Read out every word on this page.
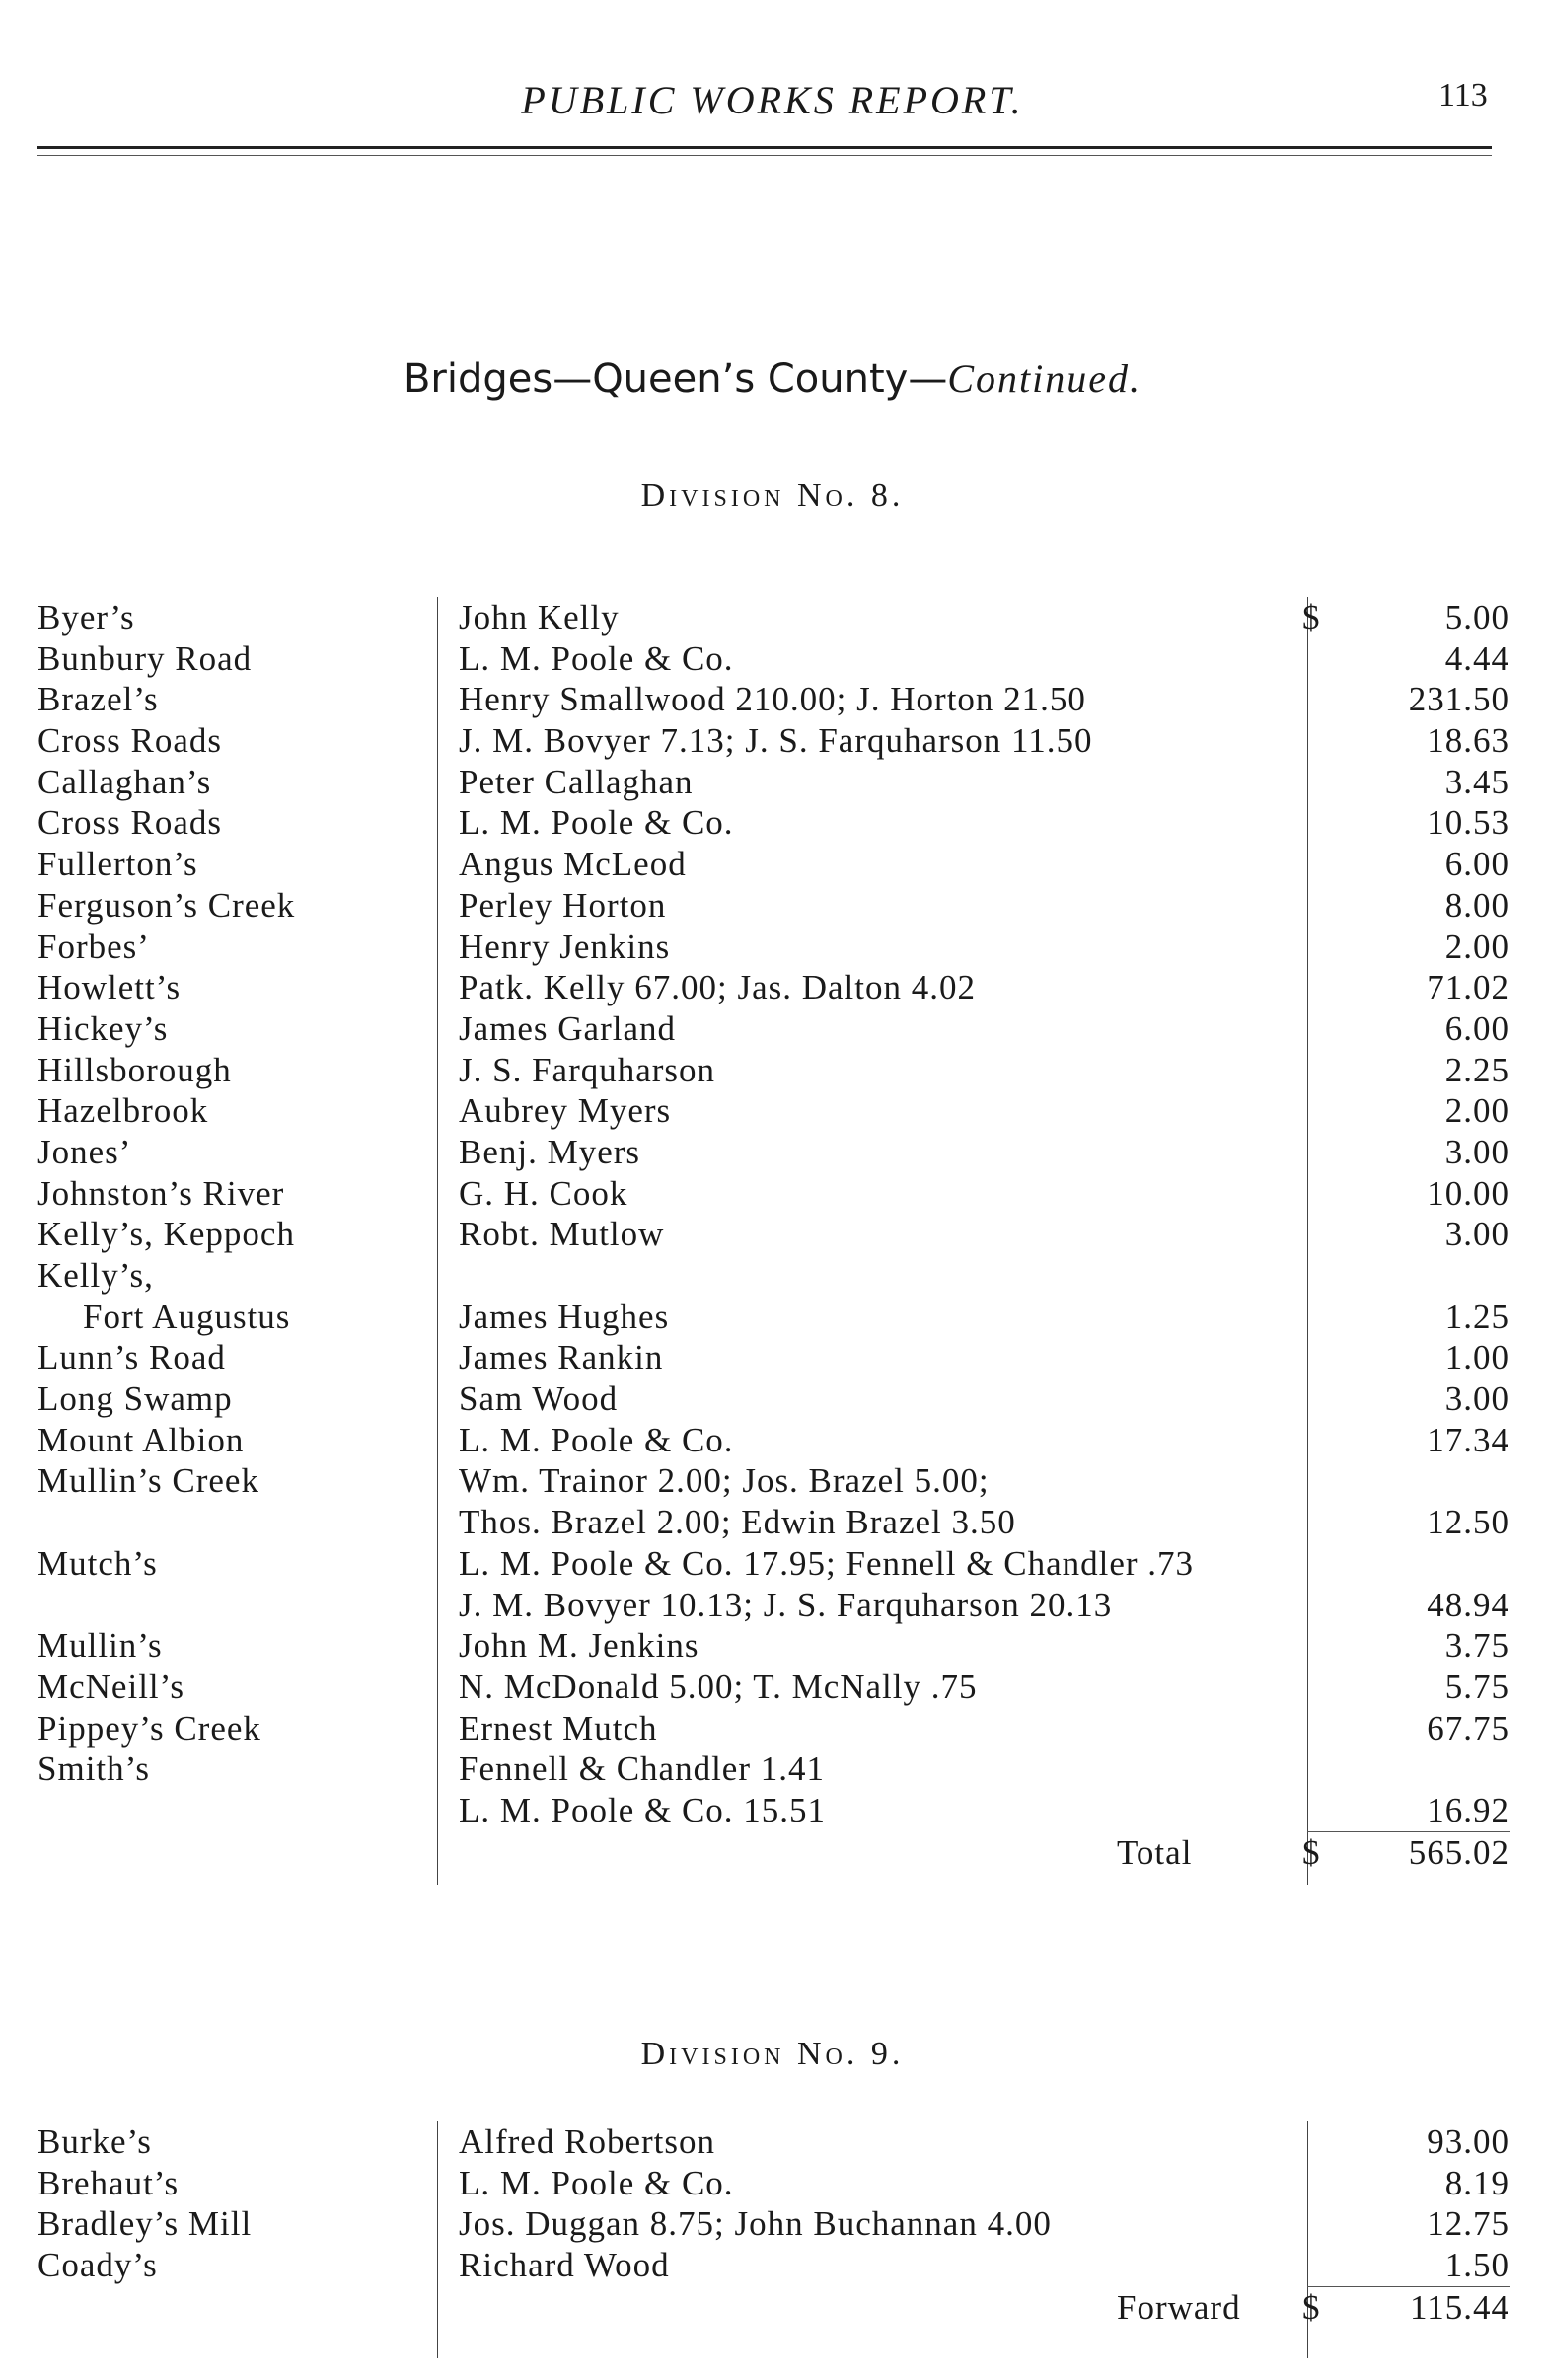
PUBLIC WORKS REPORT.	113
Bridges—Queen’s County—Continued.
Division No. 8.
Byer’s	John Kelly	$	5.00
Bunbury Road	L. M. Poole & Co.	4.44
Brazel’s	Henry Smallwood 210.00; J. Horton 21.50	231.50
Cross Roads	J. M. Bovyer 7.13; J. S. Farquharson 11.50	18.63
Callaghan’s	Peter Callaghan	3.45
Cross Roads	L. M. Poole & Co.	10.53
Fullerton’s	Angus McLeod	6.00
Ferguson’s Creek	Perley Horton	8.00
Forbes’	Henry Jenkins	2.00
Howlett’s	Patk. Kelly 67.00; Jas. Dalton 4.02	71.02
Hickey’s	James Garland	6.00
Hillsborough	J. S. Farquharson	2.25
Hazelbrook	Aubrey Myers	2.00
Jones’	Benj. Myers	3.00
Johnston’s River	G. H. Cook	10.00
Kelly’s, Keppoch	Robt. Mutlow	3.00
Kelly’s,
Fort Augustus	James Hughes	1.25
Lunn’s Road	James Rankin	1.00
Long Swamp	Sam Wood	3.00
Mount Albion	L. M. Poole & Co.	17.34
Mullin’s Creek	Wm. Trainor 2.00; Jos. Brazel 5.00;
Thos. Brazel 2.00; Edwin Brazel 3.50	12.50
Mutch’s	L. M. Poole & Co. 17.95; Fennell & Chandler .73
J. M. Bovyer 10.13; J. S. Farquharson 20.13	48.94
Mullin’s	John M. Jenkins	3.75
McNeill’s	N. McDonald 5.00; T. McNally .75	5.75
Pippey’s Creek	Ernest Mutch	67.75
Smith’s	Fennell & Chandler 1.41
L. M. Poole & Co. 15.51	16.92
Total	$	565.02
Division No. 9.
Burke’s	Alfred Robertson	93.00
Brehaut’s	L. M. Poole & Co.	8.19
Bradley’s Mill	Jos. Duggan 8.75; John Buchannan 4.00	12.75
Coady’s	Richard Wood	1.50
Forward $	115.44
